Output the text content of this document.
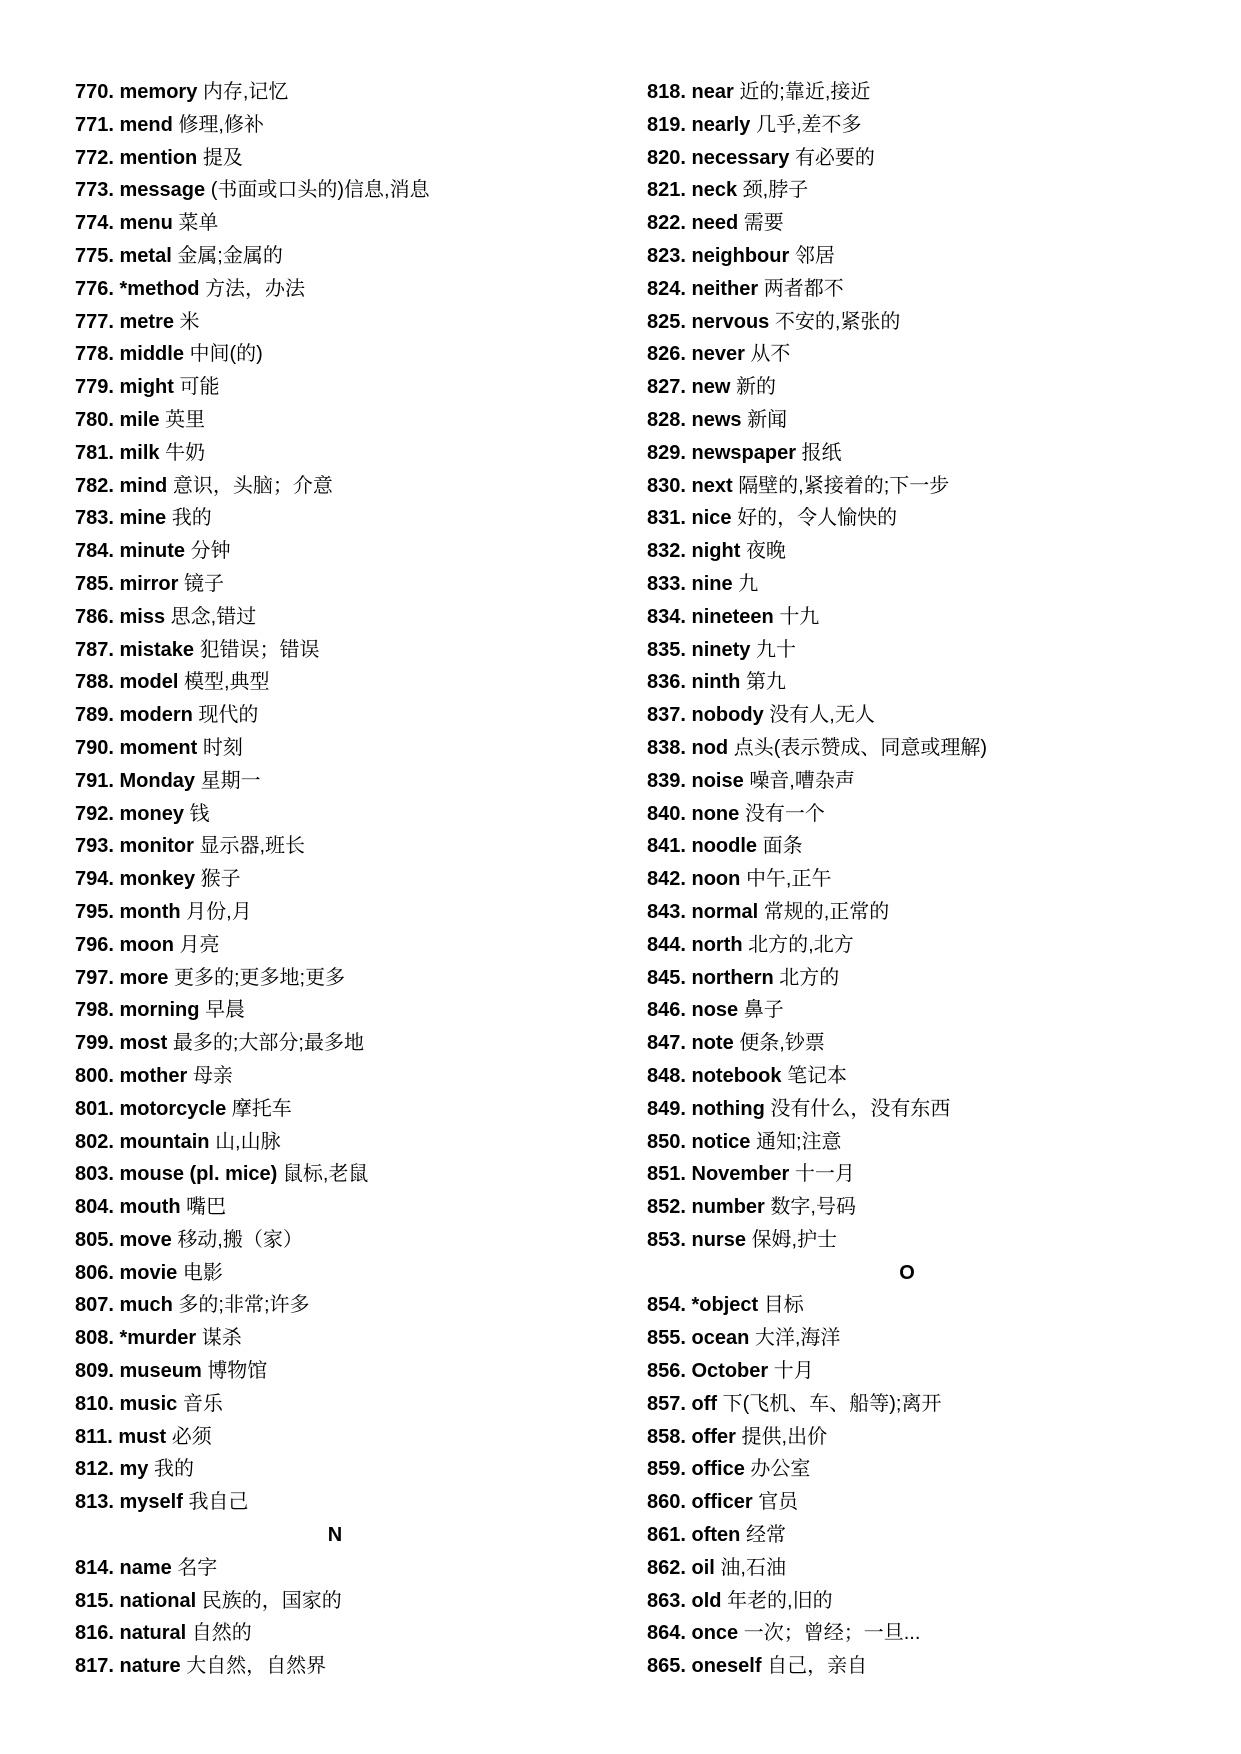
770. memory 内存,记忆
771. mend 修理,修补
772. mention 提及
773. message (书面或口头的)信息,消息
774. menu 菜单
775. metal 金属;金属的
776. *method 方法，办法
777. metre 米
778. middle 中间(的)
779. might 可能
780. mile 英里
781. milk 牛奶
782. mind 意识，头脑；介意
783. mine 我的
784. minute 分钟
785. mirror 镜子
786. miss 思念,错过
787. mistake 犯错误；错误
788. model 模型,典型
789. modern 现代的
790. moment 时刻
791. Monday 星期一
792. money 钱
793. monitor 显示器,班长
794. monkey 猴子
795. month 月份,月
796. moon 月亮
797. more 更多的;更多地;更多
798. morning 早晨
799. most 最多的;大部分;最多地
800. mother 母亲
801. motorcycle 摩托车
802. mountain 山,山脉
803. mouse (pl. mice) 鼠标,老鼠
804. mouth 嘴巴
805. move 移动,搬（家）
806. movie 电影
807. much 多的;非常;许多
808. *murder 谋杀
809. museum 博物馆
810. music 音乐
811. must 必须
812. my 我的
813. myself 我自己
N
814. name 名字
815. national 民族的，国家的
816. natural 自然的
817. nature 大自然，自然界
818. near 近的;靠近,接近
819. nearly 几乎,差不多
820. necessary 有必要的
821. neck 颈,脖子
822. need 需要
823. neighbour 邻居
824. neither 两者都不
825. nervous 不安的,紧张的
826. never 从不
827. new 新的
828. news 新闻
829. newspaper 报纸
830. next 隔壁的,紧接着的;下一步
831. nice 好的，令人愉快的
832. night 夜晚
833. nine 九
834. nineteen 十九
835. ninety 九十
836. ninth 第九
837. nobody 没有人,无人
838. nod 点头(表示赞成、同意或理解)
839. noise 噪音,嘈杂声
840. none 没有一个
841. noodle 面条
842. noon 中午,正午
843. normal 常规的,正常的
844. north 北方的,北方
845. northern 北方的
846. nose 鼻子
847. note 便条,钞票
848. notebook 笔记本
849. nothing 没有什么，没有东西
850. notice 通知;注意
851. November 十一月
852. number 数字,号码
853. nurse 保姆,护士
O
854. *object 目标
855. ocean 大洋,海洋
856. October 十月
857. off 下(飞机、车、船等);离开
858. offer 提供,出价
859. office 办公室
860. officer 官员
861. often 经常
862. oil 油,石油
863. old 年老的,旧的
864. once 一次；曾经；一旦...
865. oneself 自己，亲自
